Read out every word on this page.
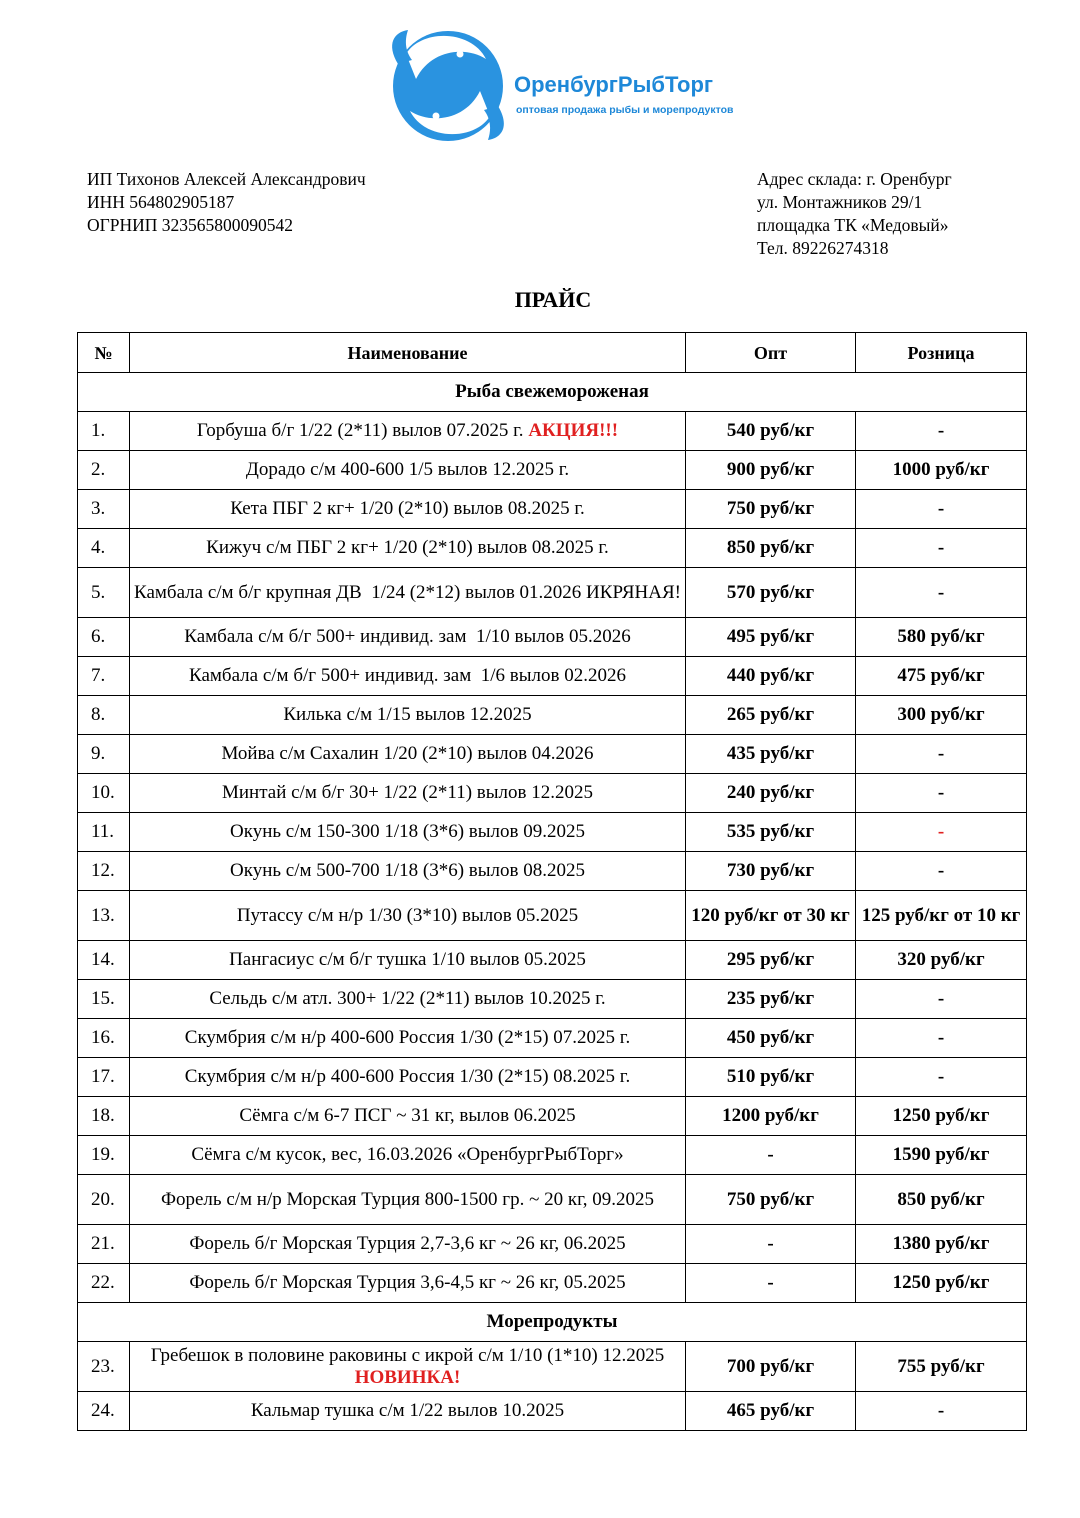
ОренбургРыбТорг
оптовая продажа рыбы и морепродуктов
ИП Тихонов Алексей Александрович
ИНН 564802905187
ОГРНИП 323565800090542
Адрес склада: г. Оренбург
ул. Монтажников 29/1
площадка ТК «Медовый»
Тел. 89226274318
ПРАЙС
№	Наименование	Опт	Розница
Рыба свежемороженая			
1.	Горбуша б/г 1/22 (2*11) вылов 07.2025 г. АКЦИЯ!!!	540 руб/кг	-
2.	Дорадо с/м 400-600 1/5 вылов 12.2025 г.	900 руб/кг	1000 руб/кг
3.	Кета ПБГ 2 кг+ 1/20 (2*10) вылов 08.2025 г.	750 руб/кг	-
4.	Кижуч с/м ПБГ 2 кг+ 1/20 (2*10) вылов 08.2025 г.	850 руб/кг	-
5.	Камбала с/м б/г крупная ДВ  1/24 (2*12) вылов 01.2026 ИКРЯНАЯ!	570 руб/кг	-
6.	Камбала с/м б/г 500+ индивид. зам  1/10 вылов 05.2026	495 руб/кг	580 руб/кг
7.	Камбала с/м б/г 500+ индивид. зам  1/6 вылов 02.2026	440 руб/кг	475 руб/кг
8.	Килька с/м 1/15 вылов 12.2025	265 руб/кг	300 руб/кг
9.	Мойва с/м Сахалин 1/20 (2*10) вылов 04.2026	435 руб/кг	-
10.	Минтай с/м б/г 30+ 1/22 (2*11) вылов 12.2025	240 руб/кг	-
11.	Окунь с/м 150-300 1/18 (3*6) вылов 09.2025	535 руб/кг	-
12.	Окунь с/м 500-700 1/18 (3*6) вылов 08.2025	730 руб/кг	-
13.	Путассу с/м н/р 1/30 (3*10) вылов 05.2025	120 руб/кг от 30 кг	125 руб/кг от 10 кг
14.	Пангасиус с/м б/г тушка 1/10 вылов 05.2025	295 руб/кг	320 руб/кг
15.	Сельдь с/м атл. 300+ 1/22 (2*11) вылов 10.2025 г.	235 руб/кг	-
16.	Скумбрия с/м н/р 400-600 Россия 1/30 (2*15) 07.2025 г.	450 руб/кг	-
17.	Скумбрия с/м н/р 400-600 Россия 1/30 (2*15) 08.2025 г.	510 руб/кг	-
18.	Сёмга с/м 6-7 ПСГ ~ 31 кг, вылов 06.2025	1200 руб/кг	1250 руб/кг
19.	Сёмга с/м кусок, вес, 16.03.2026 «ОренбургРыбТорг»	-	1590 руб/кг
20.	Форель с/м н/р Морская Турция 800-1500 гр. ~ 20 кг, 09.2025	750 руб/кг	850 руб/кг
21.	Форель б/г Морская Турция 2,7-3,6 кг ~ 26 кг, 06.2025	-	1380 руб/кг
22.	Форель б/г Морская Турция 3,6-4,5 кг ~ 26 кг, 05.2025	-	1250 руб/кг
Морепродукты			
23.	Гребешок в половине раковины с икрой с/м 1/10 (1*10) 12.2025 НОВИНКА!	700 руб/кг	755 руб/кг
24.	Кальмар тушка с/м 1/22 вылов 10.2025	465 руб/кг	-
